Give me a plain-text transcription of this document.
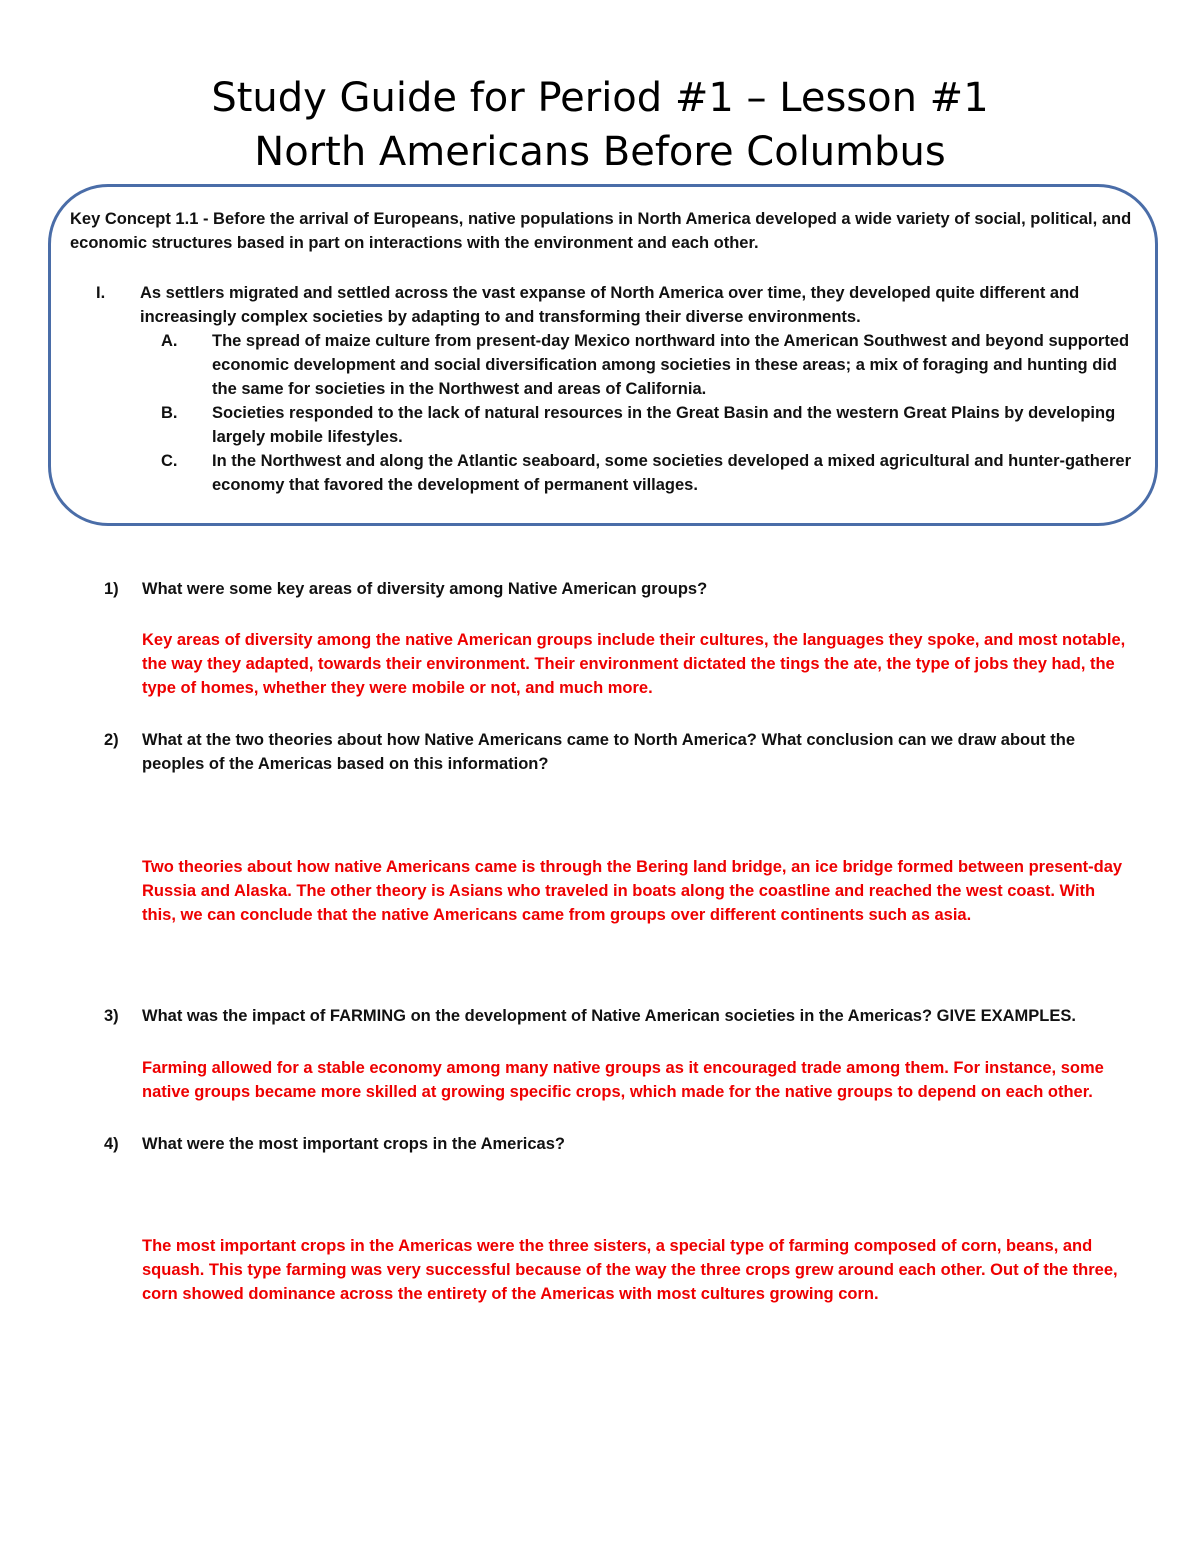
Study Guide for Period #1 – Lesson #1
North Americans Before Columbus

Key Concept 1.1 - Before the arrival of Europeans, native populations in North America developed a wide variety of social, political, and economic structures based in part on interactions with the environment and each other.

I. As settlers migrated and settled across the vast expanse of North America over time, they developed quite different and increasingly complex societies by adapting to and transforming their diverse environments.
A. The spread of maize culture from present-day Mexico northward into the American Southwest and beyond supported economic development and social diversification among societies in these areas; a mix of foraging and hunting did the same for societies in the Northwest and areas of California.
B. Societies responded to the lack of natural resources in the Great Basin and the western Great Plains by developing largely mobile lifestyles.
C. In the Northwest and along the Atlantic seaboard, some societies developed a mixed agricultural and hunter-gatherer economy that favored the development of permanent villages.
1)	What were some key areas of diversity among Native American groups?
Key areas of diversity among the native American groups include their cultures, the languages they spoke, and most notable, the way they adapted, towards their environment. Their environment dictated the tings the ate, the type of jobs they had, the type of homes, whether they were mobile or not, and much more.
2)	What at the two theories about how Native Americans came to North America? What conclusion can we draw about the peoples of the Americas based on this information?
Two theories about how native Americans came is through the Bering land bridge, an ice bridge formed between present-day Russia and Alaska. The other theory is Asians who traveled in boats along the coastline and reached the west coast. With this, we can conclude that the native Americans came from groups over different continents such as asia.
3)	What was the impact of FARMING on the development of Native American societies in the Americas? GIVE EXAMPLES.
Farming allowed for a stable economy among many native groups as it encouraged trade among them. For instance, some native groups became more skilled at growing specific crops, which made for the native groups to depend on each other.
4)	What were the most important crops in the Americas?
The most important crops in the Americas were the three sisters, a special type of farming composed of corn, beans, and squash. This type farming was very successful because of the way the three crops grew around each other. Out of the three, corn showed dominance across the entirety of the Americas with most cultures growing corn.
